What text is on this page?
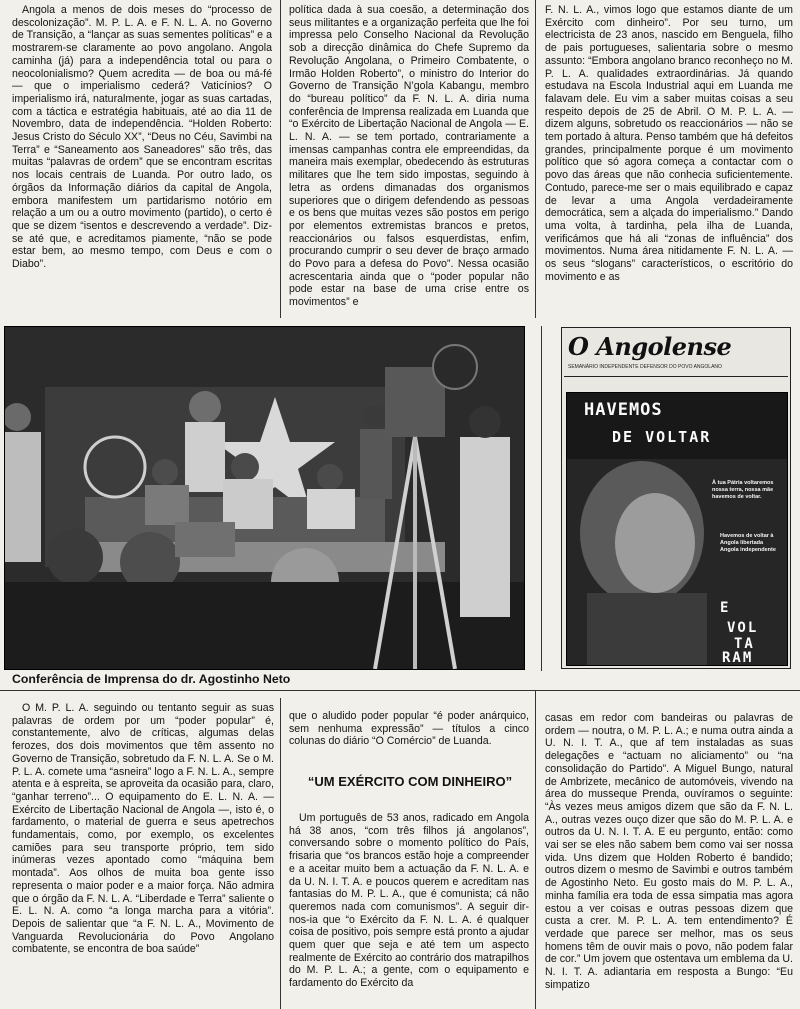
Angola a menos de dois meses do “processo de descolonização”. M. P. L. A. e F. N. L. A. no Governo de Transição, a “lançar as suas sementes políticas” e a mostrarem-se claramente ao povo angolano. Angola caminha (já) para a independência total ou para o neocolonialismo? Quem acredita — de boa ou má-fé — que o imperialismo cederá? Vaticínios? O imperialismo irá, naturalmente, jogar as suas cartadas, com a táctica e estratégia habituais, até ao dia 11 de Novembro, data de independência. “Holden Roberto: Jesus Cristo do Século XX”, “Deus no Céu, Savimbi na Terra” e “Saneamento aos Saneadores” são três, das muitas “palavras de ordem” que se encontram escritas nos locais centrais de Luanda. Por outro lado, os órgãos da Informação diários da capital de Angola, embora manifestem um partidarismo notório em relação a um ou a outro movimento (partido), o certo é que se dizem “isentos e descrevendo a verdade”. Diz-se até que, e acreditamos piamente, “não se pode estar bem, ao mesmo tempo, com Deus e com o Diabo”.

política dada à sua coesão, a determinação dos seus militantes e a organização perfeita que lhe foi impressa pelo Conselho Nacional da Revolução sob a direcção dinâmica do Chefe Supremo da Revolução Angolana, o Primeiro Combatente, o Irmão Holden Roberto”, o ministro do Interior do Governo de Transição N’gola Kabangu, membro do “bureau político” da F. N. L. A. diria numa conferência de Imprensa realizada em Luanda que “o Exército de Libertação Nacional de Angola — E. L. N. A. — se tem portado, contrariamente a imensas campanhas contra ele empreendidas, da maneira mais exemplar, obedecendo às estruturas militares que lhe tem sido impostas, seguindo à letra as ordens dimanadas dos organismos superiores que o dirigem defendendo as pessoas e os bens que muitas vezes são postos em perigo por elementos extremistas brancos e pretos, reaccionários ou falsos esquerdistas, enfim, procurando cumprir o seu dever de braço armado do Povo para a defesa do Povo”. Nessa ocasião acrescentaria ainda que o “poder popular não pode estar na base de uma crise entre os movimentos” e

F. N. L. A., vimos logo que estamos diante de um Exército com dinheiro”. Por seu turno, um electricista de 23 anos, nascido em Benguela, filho de pais portugueses, salientaria sobre o mesmo assunto: “Embora angolano branco reconheço no M. P. L. A. qualidades extraordinárias. Já quando estudava na Escola Industrial aqui em Luanda me falavam dele. Eu vim a saber muitas coisas a seu respeito depois de 25 de Abril. O M. P. L. A. — dizem alguns, sobretudo os reaccionários — não se tem portado à altura. Penso também que há defeitos grandes, principalmente porque é um movimento político que só agora começa a contactar com o povo das áreas que não conhecia suficientemente. Contudo, parece-me ser o mais equilibrado e capaz de levar a uma Angola verdadeiramente democrática, sem a alçada do imperialismo.” Dando uma volta, à tardinha, pela ilha de Luanda, verificámos que há ali “zonas de influência” dos movimentos. Numa área nitidamente F. N. L. A. — os seus “slogans” característicos, o escritório do movimento e as

Conferência de Imprensa do dr. Agostinho Neto
O Angolense
SEMANÁRIO INDEPENDENTE DEFENSOR DO POVO ANGOLANO
HAVEMOS
DE VOLTAR
À tua Pátria voltaremos nossa terra, nossa mãe havemos de voltar.
Havemos de voltar à Angola libertada Angola independente
E
VOL
TA
RAM

O M. P. L. A. seguindo ou tentanto seguir as suas palavras de ordem por um “poder popular” é, constantemente, alvo de críticas, algumas delas ferozes, dos dois movimentos que têm assento no Governo de Transição, sobretudo da F. N. L. A. Se o M. P. L. A. comete uma “asneira” logo a F. N. L. A., sempre atenta e à espreita, se aproveita da ocasião para, claro, “ganhar terreno”... O equipamento do E. L. N. A. — Exército de Libertação Nacional de Angola —, isto é, o fardamento, o material de guerra e seus apetrechos fundamentais, como, por exemplo, os excelentes camiões para seu transporte próprio, tem sido inúmeras vezes apontado como “máquina bem montada”. Aos olhos de muita boa gente isso representa o maior poder e a maior força. Não admira que o órgão da F. N. L. A. “Liberdade e Terra” saliente o E. L. N. A. como “a longa marcha para a vitória”. Depois de salientar que “a F. N. L. A., Movimento de Vanguarda Revolucionária do Povo Angolano combatente, se encontra de boa saúde”

que o aludido poder popular “é poder anárquico, sem nenhuma expressão” — títulos a cinco colunas do diário “O Comércio” de Luanda.

“UM EXÉRCITO COM DINHEIRO”

Um português de 53 anos, radicado em Angola há 38 anos, “com três filhos já angolanos”, conversando sobre o momento político do País, frisaria que “os brancos estão hoje a compreender e a aceitar muito bem a actuação da F. N. L. A. e da U. N. I. T. A. e poucos querem e acreditam nas fantasias do M. P. L. A., que é comunista; cá não queremos nada com comunismos”. A seguir dir-nos-ia que “o Exército da F. N. L. A. é qualquer coisa de positivo, pois sempre está pronto a ajudar quem quer que seja e até tem um aspecto realmente de Exército ao contrário dos matrapilhos do M. P. L. A.; a gente, com o equipamento e fardamento do Exército da

casas em redor com bandeiras ou palavras de ordem — noutra, o M. P. L. A.; e numa outra ainda a U. N. I. T. A., que af tem instaladas as suas delegações e “actuam no aliciamento” ou “na consolidação do Partido”. A Miguel Bungo, natural de Ambrizete, mecânico de automóveis, vivendo na área do musseque Prenda, ouvíramos o seguinte: “Às vezes meus amigos dizem que são da F. N. L. A., outras vezes ouço dizer que são do M. P. L. A. e outros da U. N. I. T. A. E eu pergunto, então: como vai ser se eles não sabem bem como vai ser nossa vida. Uns dizem que Holden Roberto é bandido; outros dizem o mesmo de Savimbi e outros também de Agostinho Neto. Eu gosto mais do M. P. L. A., minha família era toda de essa simpatia mas agora estou a ver coisas e outras pessoas dizem que custa a crer. M. P. L. A. tem entendimento? É verdade que parece ser melhor, mas os seus homens têm de ouvir mais o povo, não podem falar de cor.” Um jovem que ostentava um emblema da U. N. I. T. A. adiantaria em resposta a Bungo: “Eu simpatizo
